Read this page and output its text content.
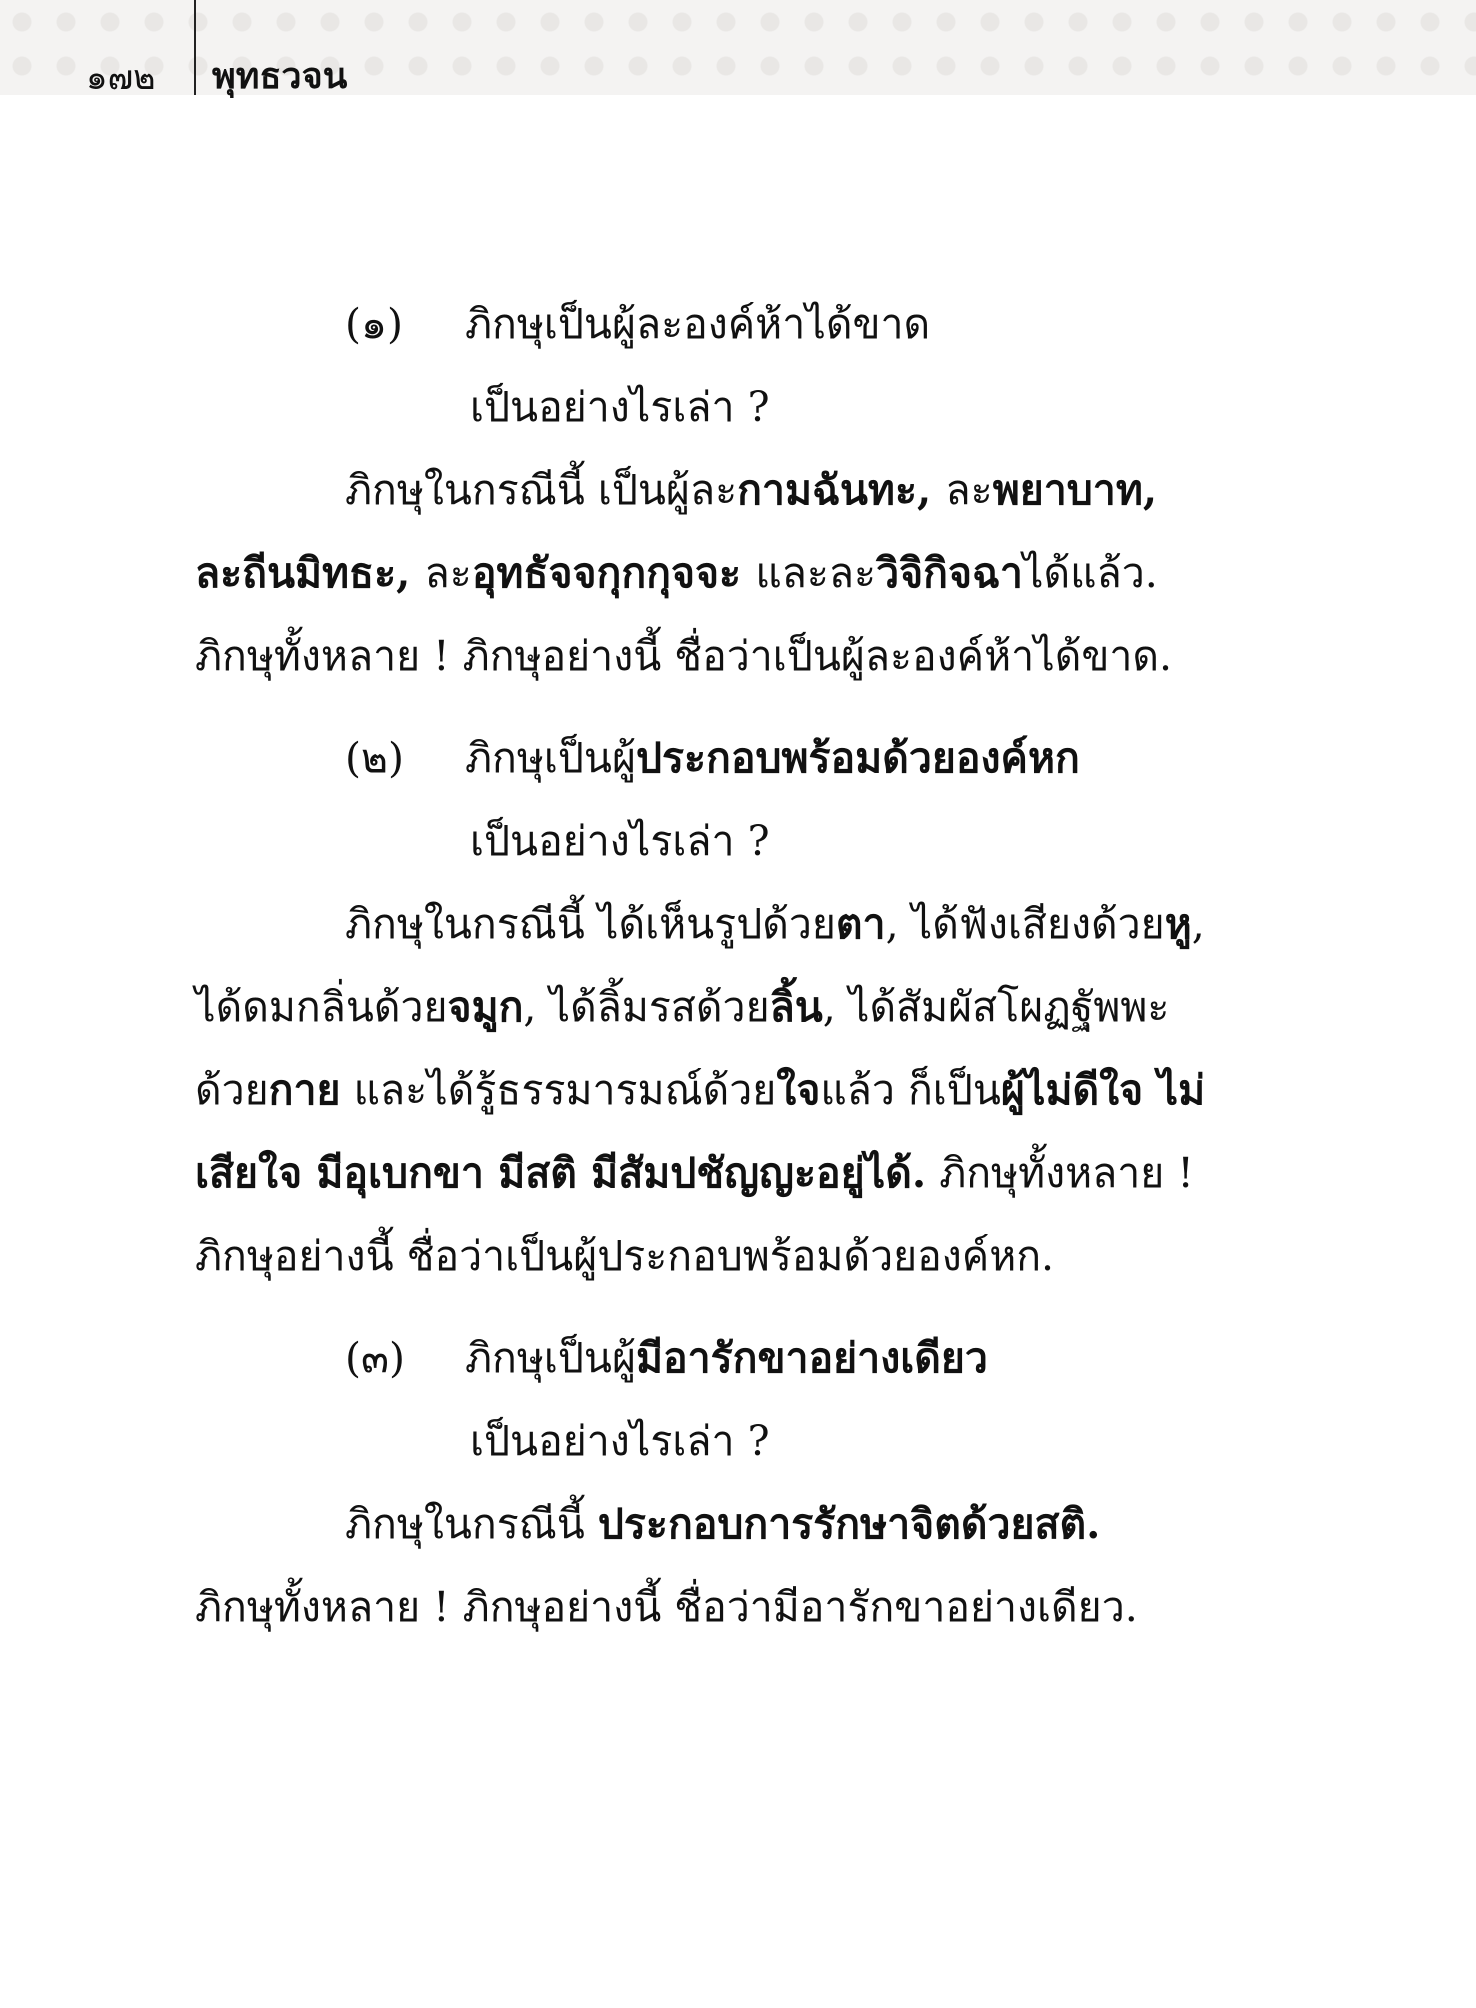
๑๗๒ พุทธวจน
(๑) ภิกษุเป็นผู้ละองค์ห้าได้ขาด
เป็นอย่างไรเล่า ?
ภิกษุในกรณีนี้ เป็นผู้ละกามฉันทะ, ละพยาบาท,
ละถีนมิทธะ, ละอุทธัจจกุกกุจจะ และละวิจิกิจฉาได้แล้ว.
ภิกษุทั้งหลาย ! ภิกษุอย่างนี้ ชื่อว่าเป็นผู้ละองค์ห้าได้ขาด.
(๒) ภิกษุเป็นผู้ประกอบพร้อมด้วยองค์หก
เป็นอย่างไรเล่า ?
ภิกษุในกรณีนี้ ได้เห็นรูปด้วยตา, ได้ฟังเสียงด้วยหู,
ได้ดมกลิ่นด้วยจมูก, ได้ลิ้มรสด้วยลิ้น, ได้สัมผัสโผฏฐัพพะ
ด้วยกาย และได้รู้ธรรมารมณ์ด้วยใจแล้ว ก็เป็นผู้ไม่ดีใจ ไม่
เสียใจ มีอุเบกขา มีสติ มีสัมปชัญญะอยู่ได้. ภิกษุทั้งหลาย !
ภิกษุอย่างนี้ ชื่อว่าเป็นผู้ประกอบพร้อมด้วยองค์หก.
(๓) ภิกษุเป็นผู้มีอารักขาอย่างเดียว
เป็นอย่างไรเล่า ?
ภิกษุในกรณีนี้ ประกอบการรักษาจิตด้วยสติ.
ภิกษุทั้งหลาย ! ภิกษุอย่างนี้ ชื่อว่ามีอารักขาอย่างเดียว.
